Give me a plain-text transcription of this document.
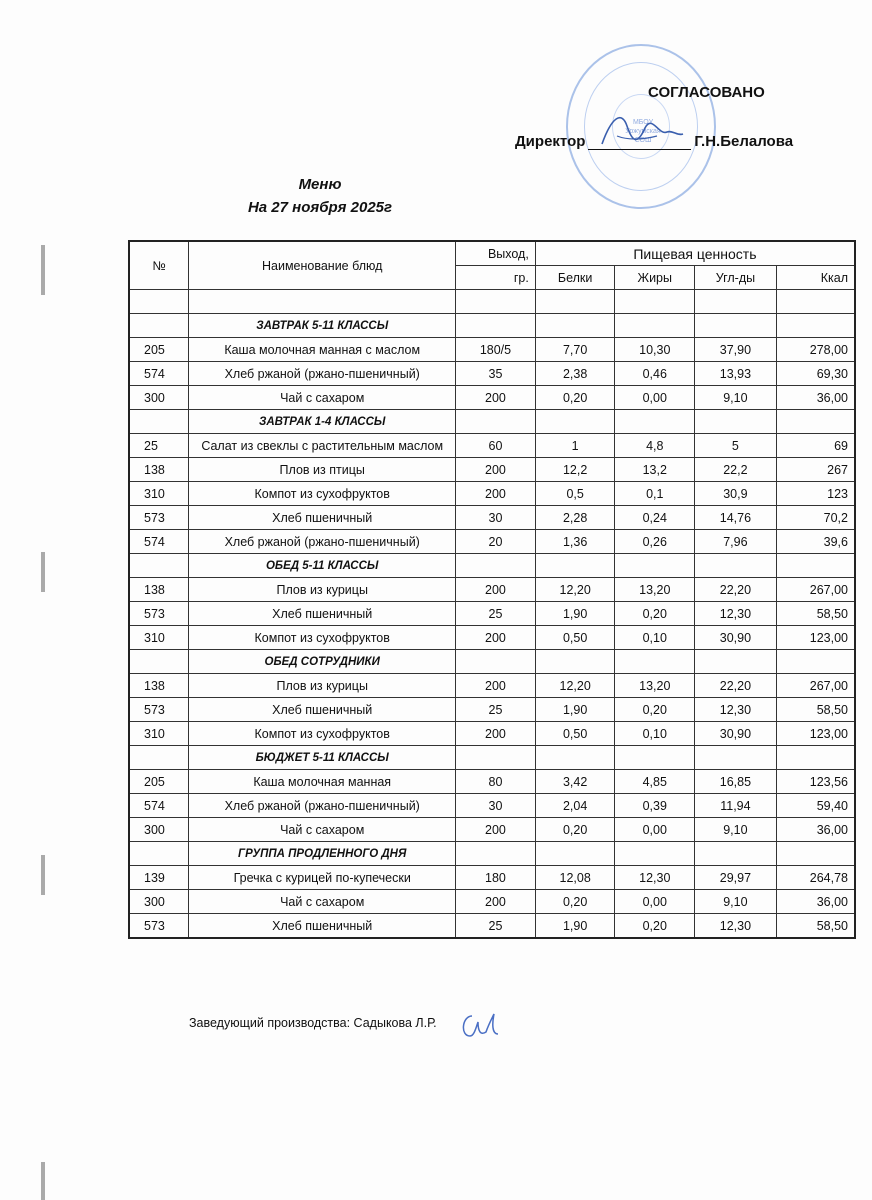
МБОУ Уржумская СОШ
СОГЛАСОВАНО
Директор	Г.Н.Белалова
Меню
На 27 ноября 2025г
№	Наименование блюд	Выход,	Пищевая ценность			
		гр.	Белки	Жиры	Угл-ды	Ккал

	ЗАВТРАК 5-11 КЛАССЫ					
205	Каша молочная манная с маслом	180/5	7,70	10,30	37,90	278,00
574	Хлеб ржаной (ржано-пшеничный)	35	2,38	0,46	13,93	69,30
300	Чай с сахаром	200	0,20	0,00	9,10	36,00
	ЗАВТРАК 1-4 КЛАССЫ					
25	Салат из свеклы с растительным маслом	60	1	4,8	5	69
138	Плов из птицы	200	12,2	13,2	22,2	267
310	Компот из сухофруктов	200	0,5	0,1	30,9	123
573	Хлеб пшеничный	30	2,28	0,24	14,76	70,2
574	Хлеб ржаной (ржано-пшеничный)	20	1,36	0,26	7,96	39,6
	ОБЕД 5-11 КЛАССЫ					
138	Плов из курицы	200	12,20	13,20	22,20	267,00
573	Хлеб пшеничный	25	1,90	0,20	12,30	58,50
310	Компот из сухофруктов	200	0,50	0,10	30,90	123,00
	ОБЕД СОТРУДНИКИ					
138	Плов из курицы	200	12,20	13,20	22,20	267,00
573	Хлеб пшеничный	25	1,90	0,20	12,30	58,50
310	Компот из сухофруктов	200	0,50	0,10	30,90	123,00
	БЮДЖЕТ 5-11 КЛАССЫ					
205	Каша молочная манная	80	3,42	4,85	16,85	123,56
574	Хлеб ржаной (ржано-пшеничный)	30	2,04	0,39	11,94	59,40
300	Чай с сахаром	200	0,20	0,00	9,10	36,00
	ГРУППА ПРОДЛЕННОГО ДНЯ					
139	Гречка с курицей по-купечески	180	12,08	12,30	29,97	264,78
300	Чай с сахаром	200	0,20	0,00	9,10	36,00
573	Хлеб пшеничный	25	1,90	0,20	12,30	58,50
Заведующий производства: Садыкова Л.Р.
